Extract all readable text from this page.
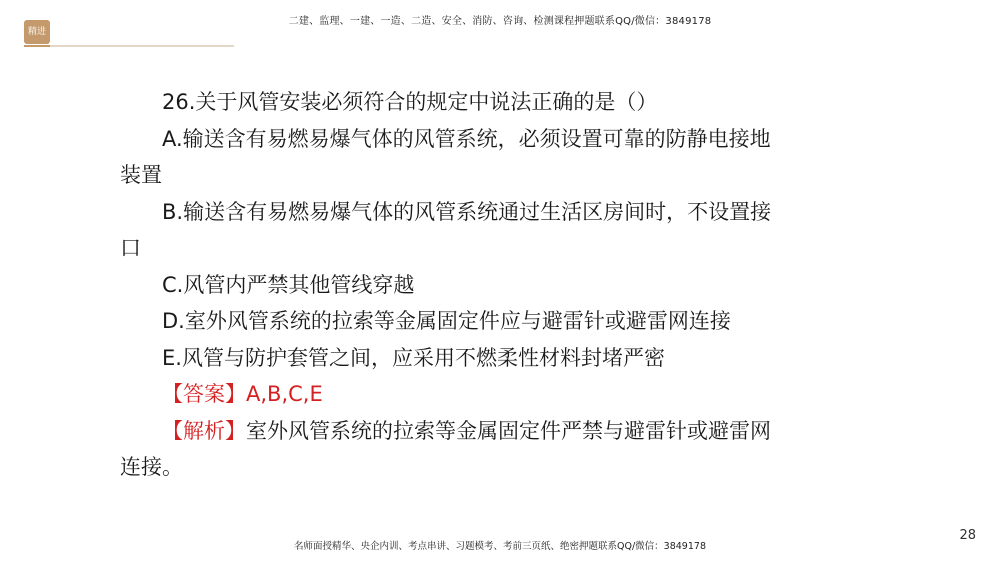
精进
二建、监理、一建、一造、二造、安全、消防、咨询、检测课程押题联系QQ/微信：3849178
26.关于风管安装必须符合的规定中说法正确的是（）
A.输送含有易燃易爆气体的风管系统，必须设置可靠的防静电接地
装置
B.输送含有易燃易爆气体的风管系统通过生活区房间时，不设置接
口
C.风管内严禁其他管线穿越
D.室外风管系统的拉索等金属固定件应与避雷针或避雷网连接
E.风管与防护套管之间，应采用不燃柔性材料封堵严密
【答案】A,B,C,E
【解析】室外风管系统的拉索等金属固定件严禁与避雷针或避雷网
连接。
名师面授精华、央企内训、考点串讲、习题模考、考前三页纸、绝密押题联系QQ/微信：3849178
28
